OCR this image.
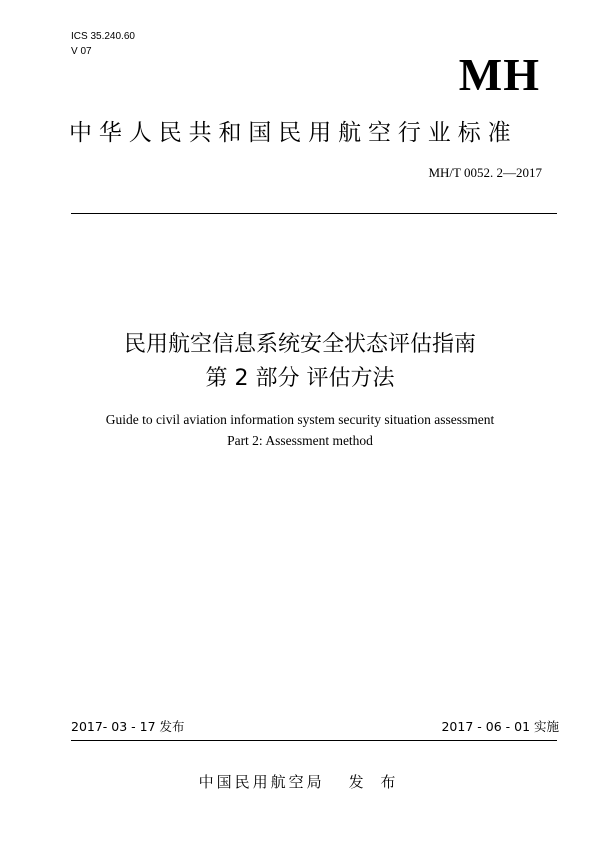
ICS 35.240.60
V 07	MH
中华人民共和国民用航空行业标准
MH/T 0052. 2—2017
民用航空信息系统安全状态评估指南
第 2 部分 评估方法
Guide to civil aviation information system security situation assessment
Part 2: Assessment method
2017- 03 - 17 发布	2017 - 06 - 01 实施
中国民用航空局 发 布
